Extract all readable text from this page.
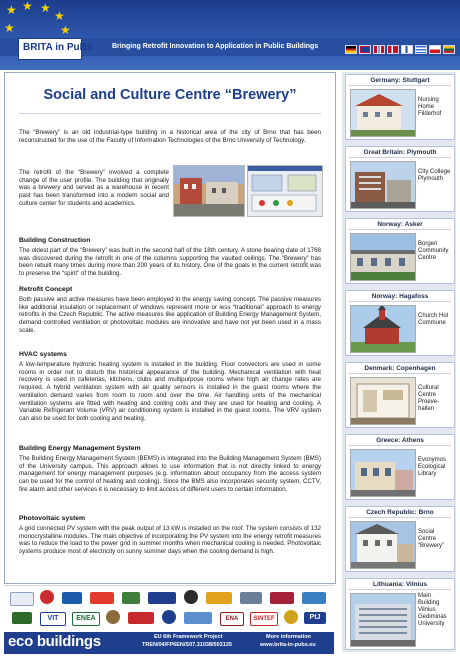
★ ★ ★
★
★
★
BRITA in PuBs	Bringing Retrofit Innovation to Application in Public Buildings
Social and Culture Centre “Brewery”
The “Brewery” is an old industrial-type building in a historical area of the city of Brno that has been reconstructed for the use of the Faculty of Information Technologies of the Brno University of Technology.
The retrofit of the “Brewery” involved a complete change of the user profile. The building that originally was a brewery and served as a warehouse in recent past has been transformed into a modern social and culture center for students and academics.
Building Construction
The oldest part of the “Brewery” was built in the second half of the 18th century. A stone bearing date of 1768 was discovered during the retrofit in one of the columns supporting the vaulted ceilings. The “Brewery” has been rebuilt many times during more than 200 years of its history. One of the goals in the current retrofit was to preserve the “spirit” of the building.
Retrofit Concept
Both passive and active measures have been employed in the energy saving concept. The passive measures like additional insulation or replacement of windows represent more or less “traditional” approach to energy retrofits in the Czech Republic. The active measures like application of Building Energy Management System, demand controlled ventilation or photovoltaic modules are innovative and have not yet been used in a mass scale.
HVAC systems
A low-temperature hydronic heating system is installed in the building. Floor convectors are used in some rooms in order not to disturb the historical appearance of the building. Mechanical ventilation with heat recovery is used in cafeterias, kitchens, clubs and multipurpose rooms where high air change rates are required. A hybrid ventilation system with air quality sensors is installed in the guest rooms where the ventilation demand varies from room to room and over the time. Air handling units of the mechanical ventilation systems are fitted with heating and cooling coils and they are used for heating and cooling. A Variable Refrigerant Volume (VRV) air conditioning system is installed in the guest rooms. The VRV system can also be used for both cooling and heating.
Building Energy Management System
The Building Energy Management System (BEMS) is integrated into the Building Management System (BMS) of the University campus. This approach allows to use information that is not directly linked to energy management for energy management purposes (e.g. information about occupancy from the access system can be used for the control of heating and cooling). Since the BMS also incorporates security system, CCTV, fire alarm and other services it is necessary to limit access of different users to certain information.
Photovoltaic system
A grid connected PV system with the peak output of 13 kW is installed on the roof. The system consists of 132 monocrystalline modules. The main objective of incorporating the PV system into the energy retrofit measures was to reduce the load to the power grid in summer months when mechanical cooling is needed. Photovoltaic systems produce most of electricity on sunny summer days when the cooling demand is high.
Germany: Stuttgart
Nursing Home Filderhof
Great Britain: Plymouth
City College Plymouth
Norway: Asker
Borgen Community Centre
Norway: Hagafoss
Church Hol Commune
Denmark: Copenhagen
Cultural Centre Proeve-hallen
Greece: Athens
Evonymos Ecological Library
Czech Republic: Brno
Social Centre “Brewery”
Lithuania: Vilnius
Main Building Vilnius Gediminas University
VIT	ENEA	ENA	SINTEF	PtJ
eco buildings	EU 6th Framework Project
TREN/04/FP6EN/S07.31038/503135
More information
www.brita-in-pubs.eu
